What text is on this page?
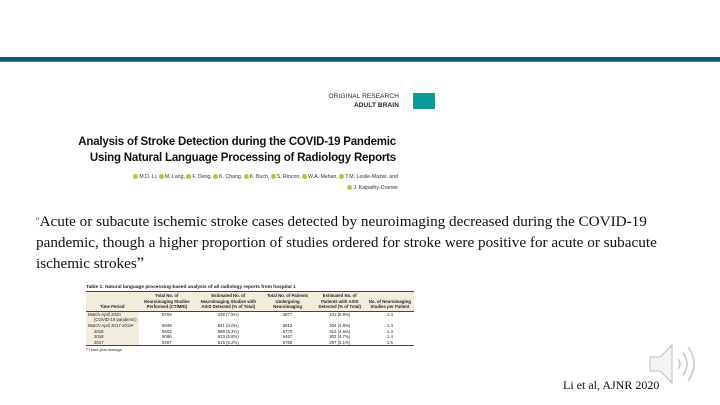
ORIGINAL RESEARCH
ADULT BRAIN
Analysis of Stroke Detection during the COVID-19 Pandemic
Using Natural Language Processing of Radiology Reports
M.D. Li, M. Lang, F. Deng, K. Chang, K. Buch, S. Rincon, W.A. Mehan, T.M. Leslie-Mazwi, and
J. Kalpathy-Cramer
“Acute or subacute ischemic stroke cases detected by neuroimaging decreased during the COVID-19 pandemic, though a higher proportion of studies ordered for stroke were positive for acute or subacute ischemic strokes”
Table 1: Natural language processing-based analysis of all radiology reports from hospital 1
Time Period	Total No. of Neuroimaging Studies Performed (CT/MRI)	Estimated No. of Neuroimaging Studies with ASIS Detected (% of Total)	Total No. of Patients Undergoing Neuroimaging	Estimated No. of Patients with ASIS Detected (% of Total)	No. of Neuroimaging Studies per Patient
March-April 2020	5709	428 (7.5%)	3977	231 (5.8%)	1.4
(COVID-19 pandemic)					
March-April 2017-2019ª	8949	541 (6.0%)	6512	304 (4.8%)	1.4
2019	9403	586 (6.2%)	6770	313 (4.6%)	1.4
2018	9086	523 (5.8%)	6467	302 (4.7%)	1.4
2017	8357	515 (6.2%)	5750	297 (5.1%)	1.5
ª Three-year average.
Li et al, AJNR 2020
